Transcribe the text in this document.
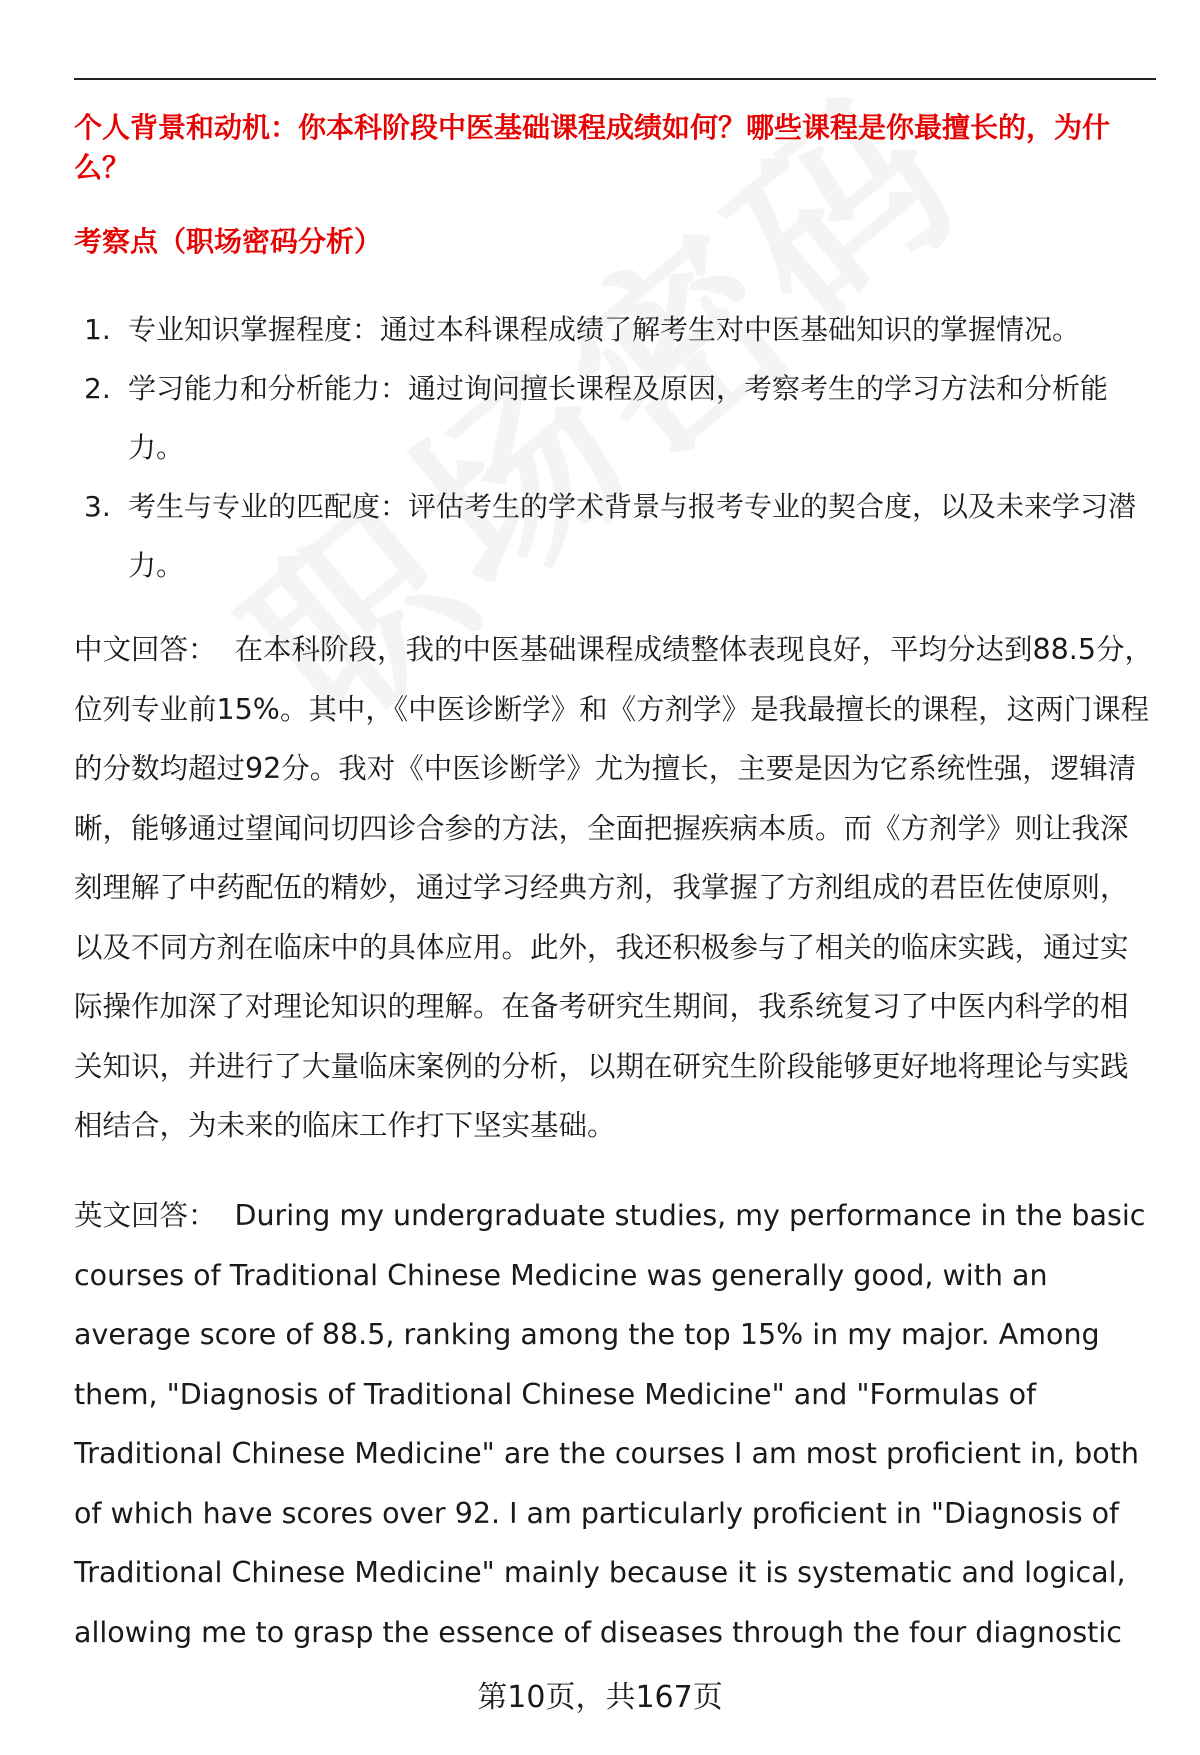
个人背景和动机：你本科阶段中医基础课程成绩如何？哪些课程是你最擅长的，为什么？
考察点（职场密码分析）
1. 专业知识掌握程度：通过本科课程成绩了解考生对中医基础知识的掌握情况。
2. 学习能力和分析能力：通过询问擅长课程及原因，考察考生的学习方法和分析能力。
3. 考生与专业的匹配度：评估考生的学术背景与报考专业的契合度，以及未来学习潜力。

中文回答： 在本科阶段，我的中医基础课程成绩整体表现良好，平均分达到88.5分，位列专业前15%。其中，《中医诊断学》和《方剂学》是我最擅长的课程，这两门课程的分数均超过92分。我对《中医诊断学》尤为擅长，主要是因为它系统性强，逻辑清晰，能够通过望闻问切四诊合参的方法，全面把握疾病本质。而《方剂学》则让我深刻理解了中药配伍的精妙，通过学习经典方剂，我掌握了方剂组成的君臣佐使原则，以及不同方剂在临床中的具体应用。此外，我还积极参与了相关的临床实践，通过实际操作加深了对理论知识的理解。在备考研究生期间，我系统复习了中医内科学的相关知识，并进行了大量临床案例的分析，以期在研究生阶段能够更好地将理论与实践相结合，为未来的临床工作打下坚实基础。

英文回答： During my undergraduate studies, my performance in the basic courses of Traditional Chinese Medicine was generally good, with an average score of 88.5, ranking among the top 15% in my major. Among them, "Diagnosis of Traditional Chinese Medicine" and "Formulas of Traditional Chinese Medicine" are the courses I am most proficient in, both of which have scores over 92. I am particularly proficient in "Diagnosis of Traditional Chinese Medicine" mainly because it is systematic and logical, allowing me to grasp the essence of diseases through the four diagnostic

第10页，共167页
